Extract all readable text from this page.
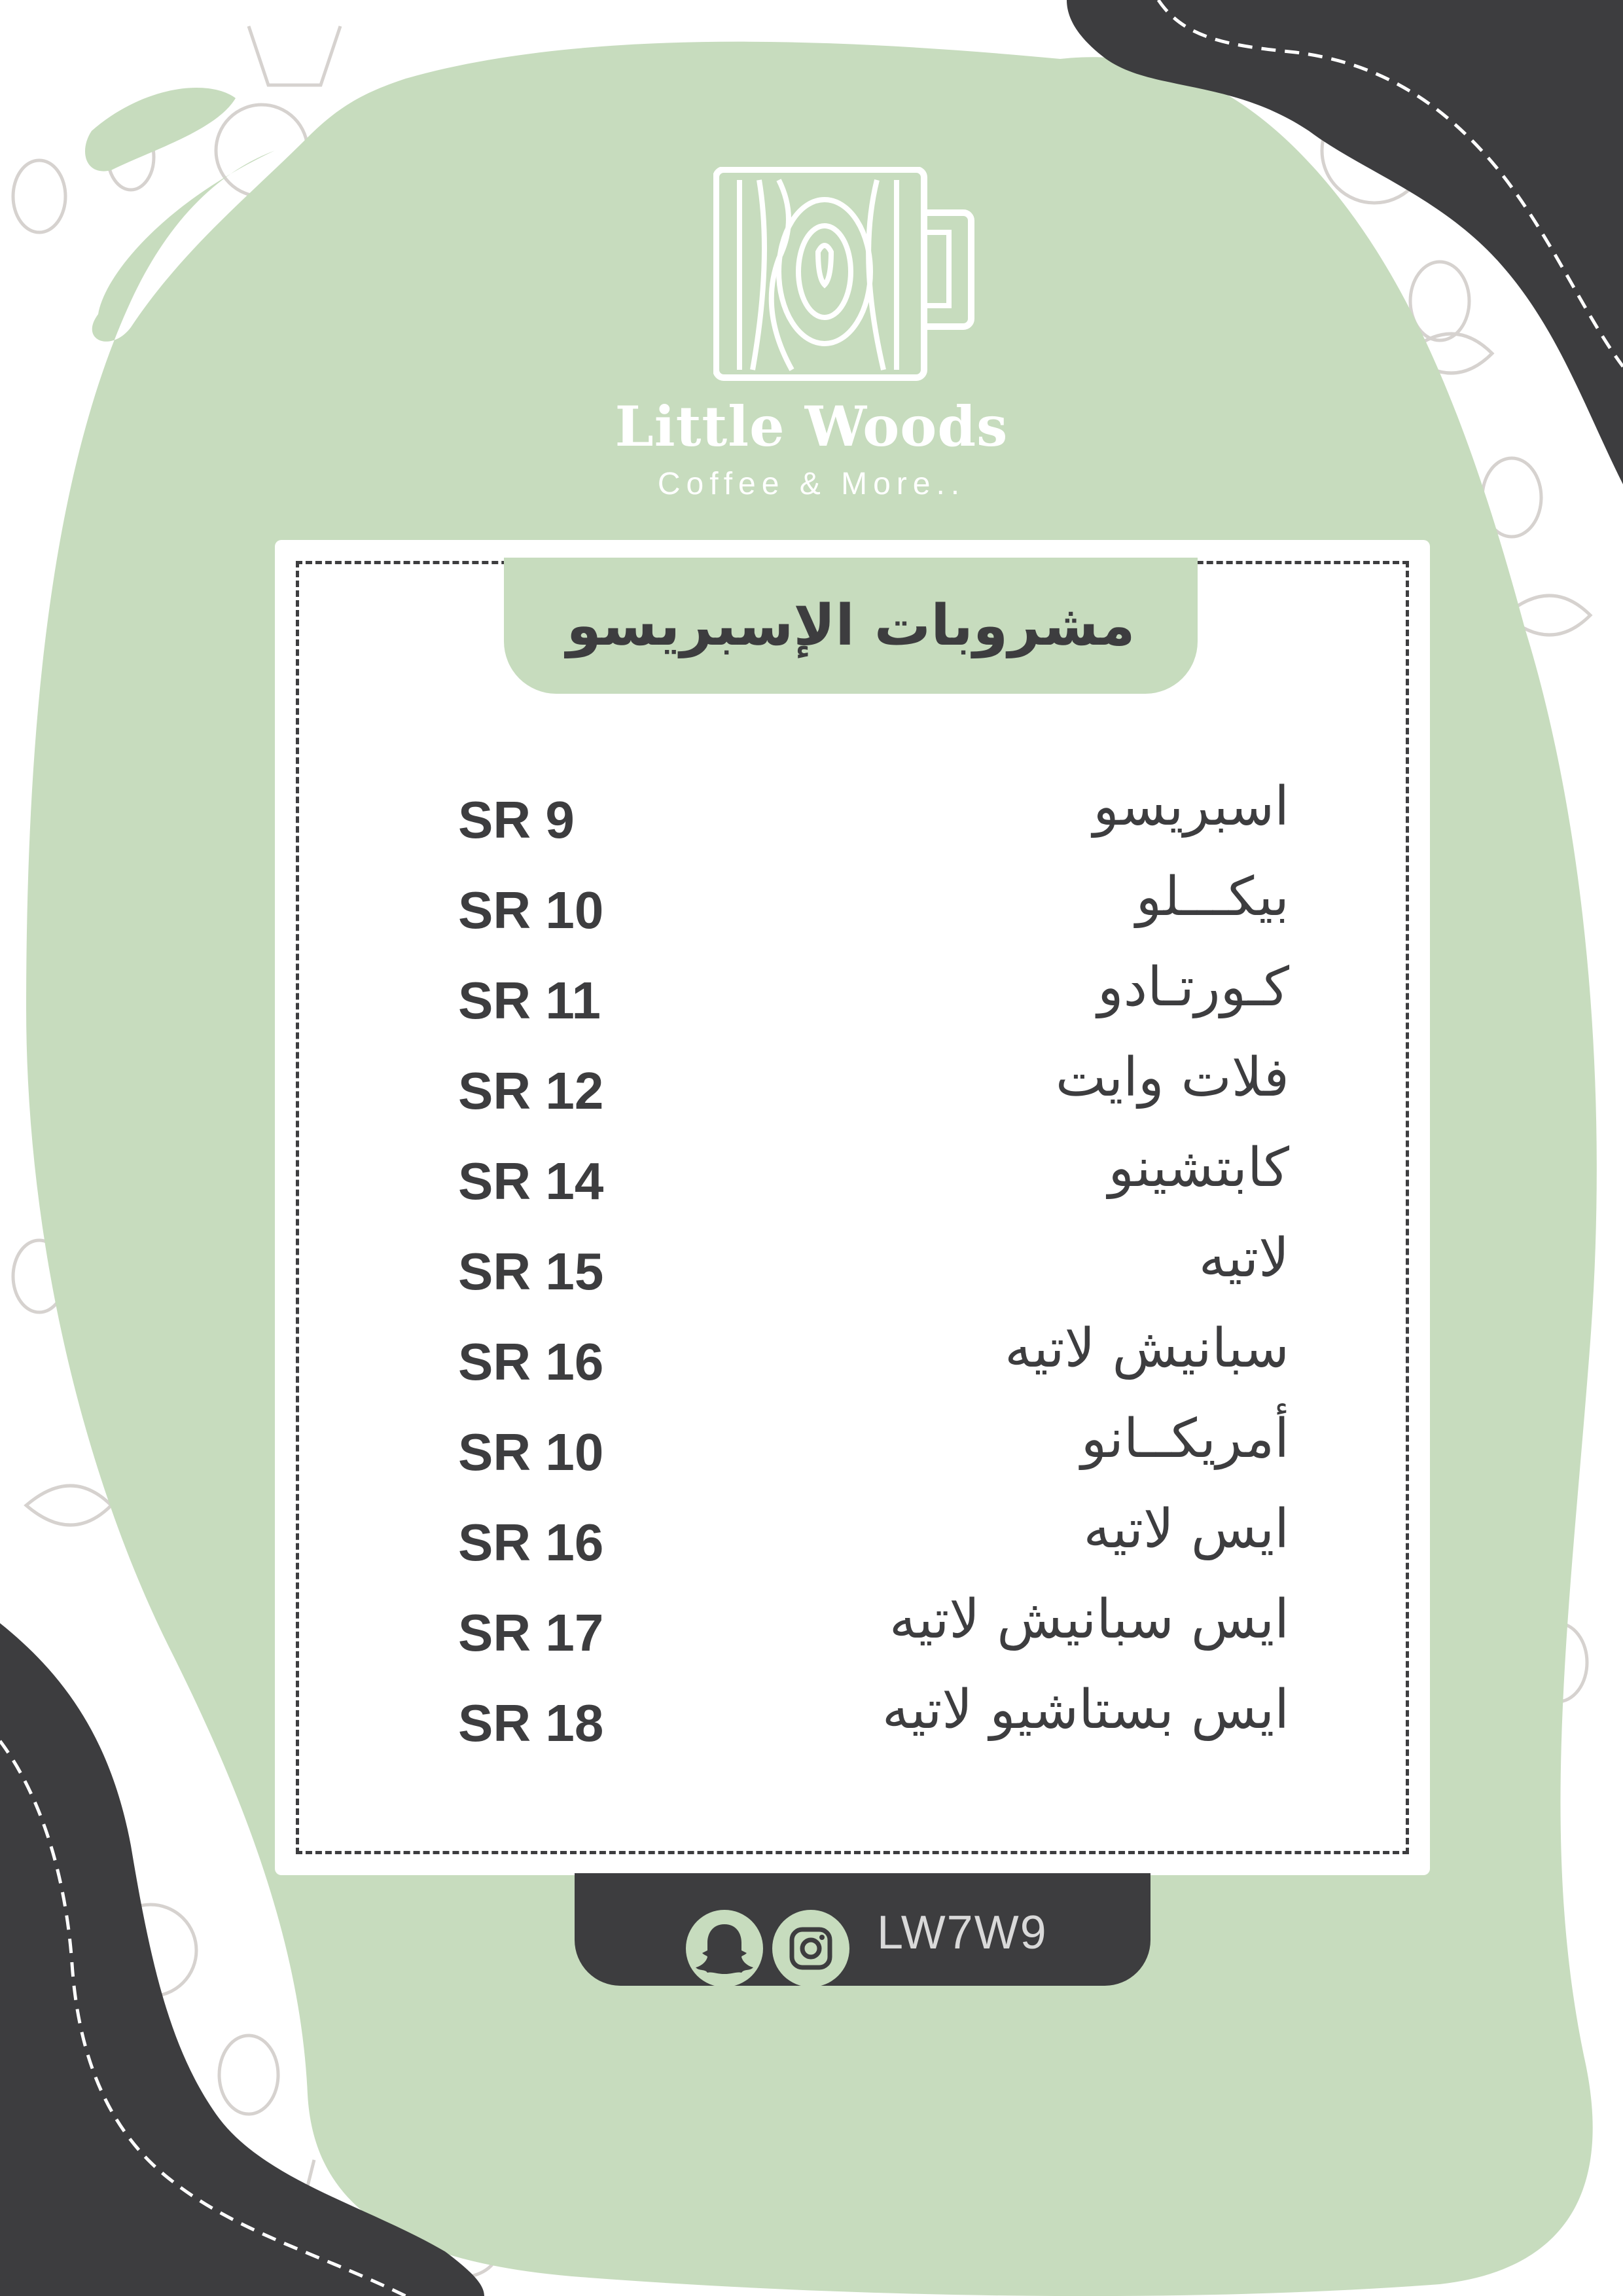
Little Woods
Coffee & More..
مشروبات الإسبريسو
اسبريسو
SR 9
بيكـــلو
SR 10
كـورتـادو
SR 11
فلات وايت
SR 12
كابتشينو
SR 14
لاتيه
SR 15
سبانيش لاتيه
SR 16
أمريكــانو
SR 10
ايس لاتيه
SR 16
ايس سبانيش لاتيه
SR 17
ايس بستاشيو لاتيه
SR 18
LW7W9
